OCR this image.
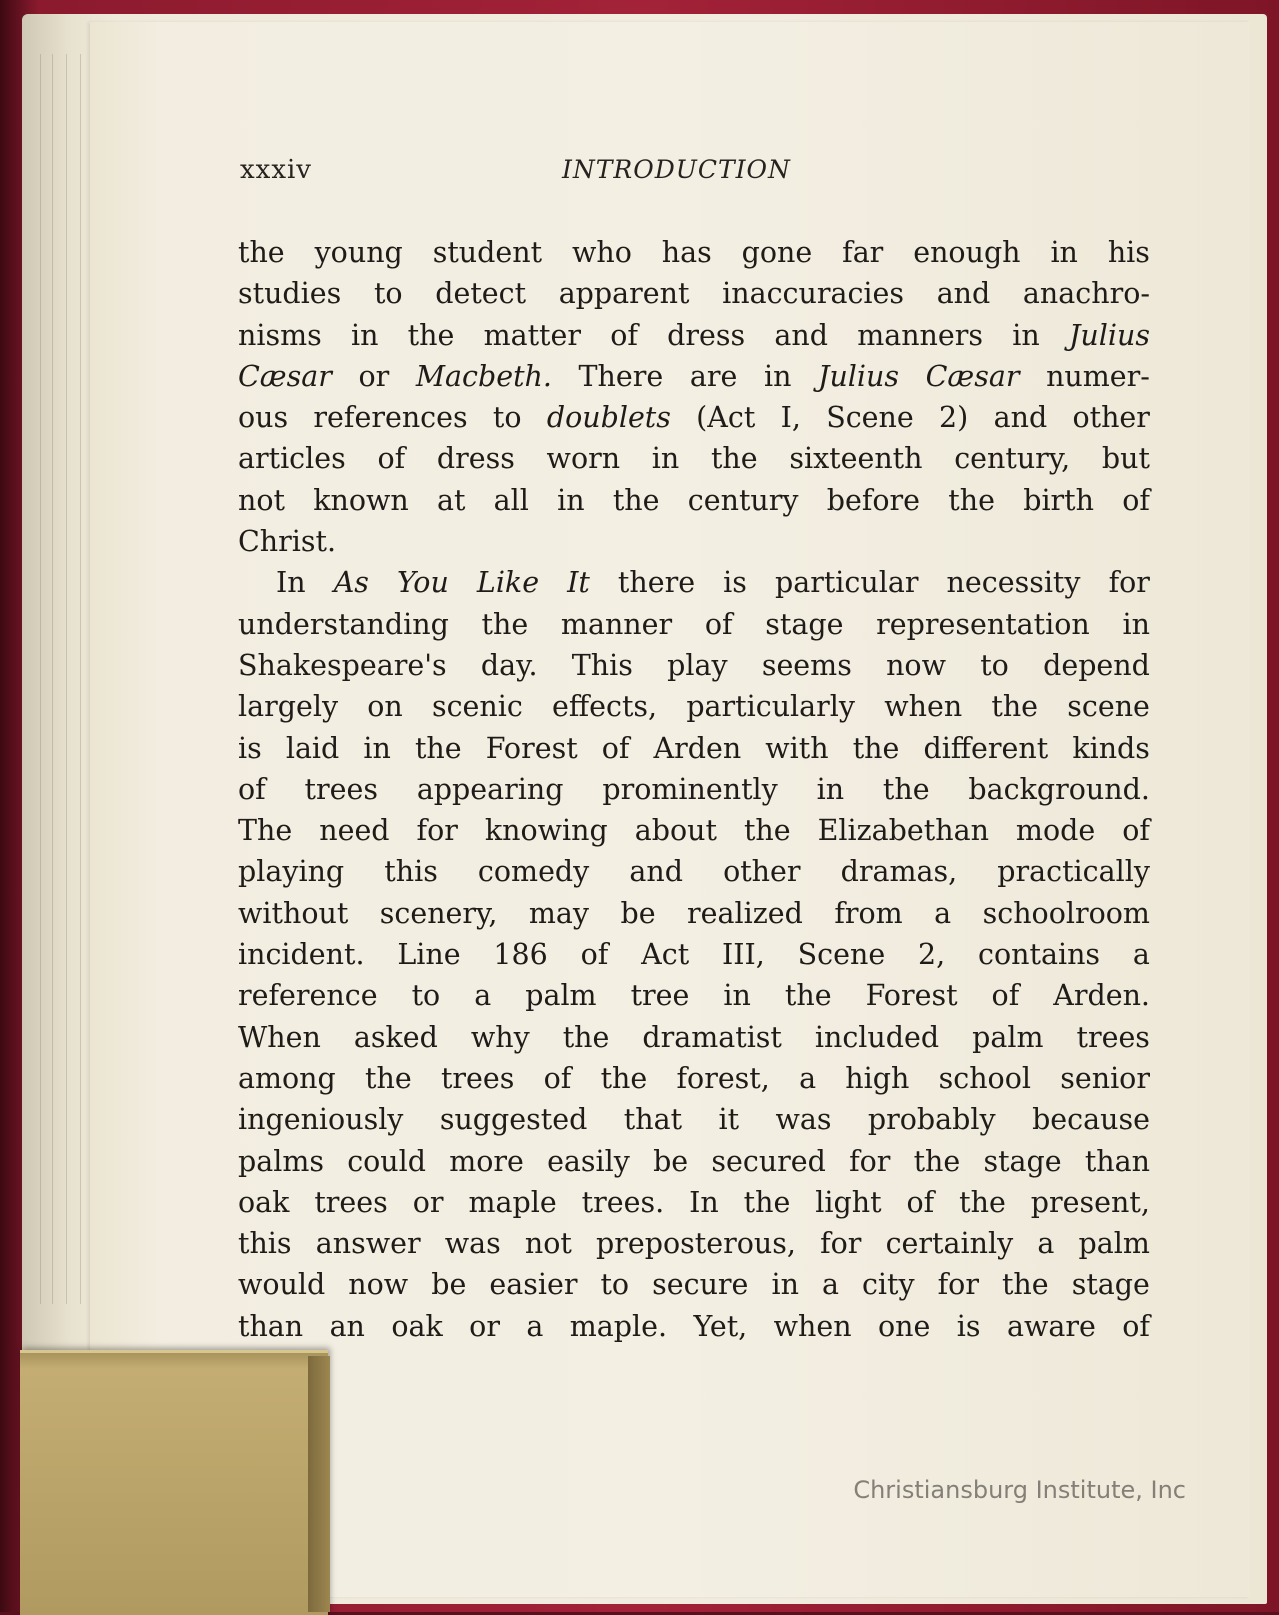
xxxiv	INTRODUCTION
the young student who has gone far enough in his
studies to detect apparent inaccuracies and anachro-
nisms in the matter of dress and manners in Julius
Cæsar or Macbeth. There are in Julius Cæsar numer-
ous references to doublets (Act I, Scene 2) and other
articles of dress worn in the sixteenth century, but
not known at all in the century before the birth of
Christ.
In As You Like It there is particular necessity for
understanding the manner of stage representation in
Shakespeare's day. This play seems now to depend
largely on scenic effects, particularly when the scene
is laid in the Forest of Arden with the different kinds
of trees appearing prominently in the background.
The need for knowing about the Elizabethan mode of
playing this comedy and other dramas, practically
without scenery, may be realized from a schoolroom
incident. Line 186 of Act III, Scene 2, contains a
reference to a palm tree in the Forest of Arden.
When asked why the dramatist included palm trees
among the trees of the forest, a high school senior
ingeniously suggested that it was probably because
palms could more easily be secured for the stage than
oak trees or maple trees. In the light of the present,
this answer was not preposterous, for certainly a palm
would now be easier to secure in a city for the stage
than an oak or a maple. Yet, when one is aware of
Christiansburg Institute, Inc
